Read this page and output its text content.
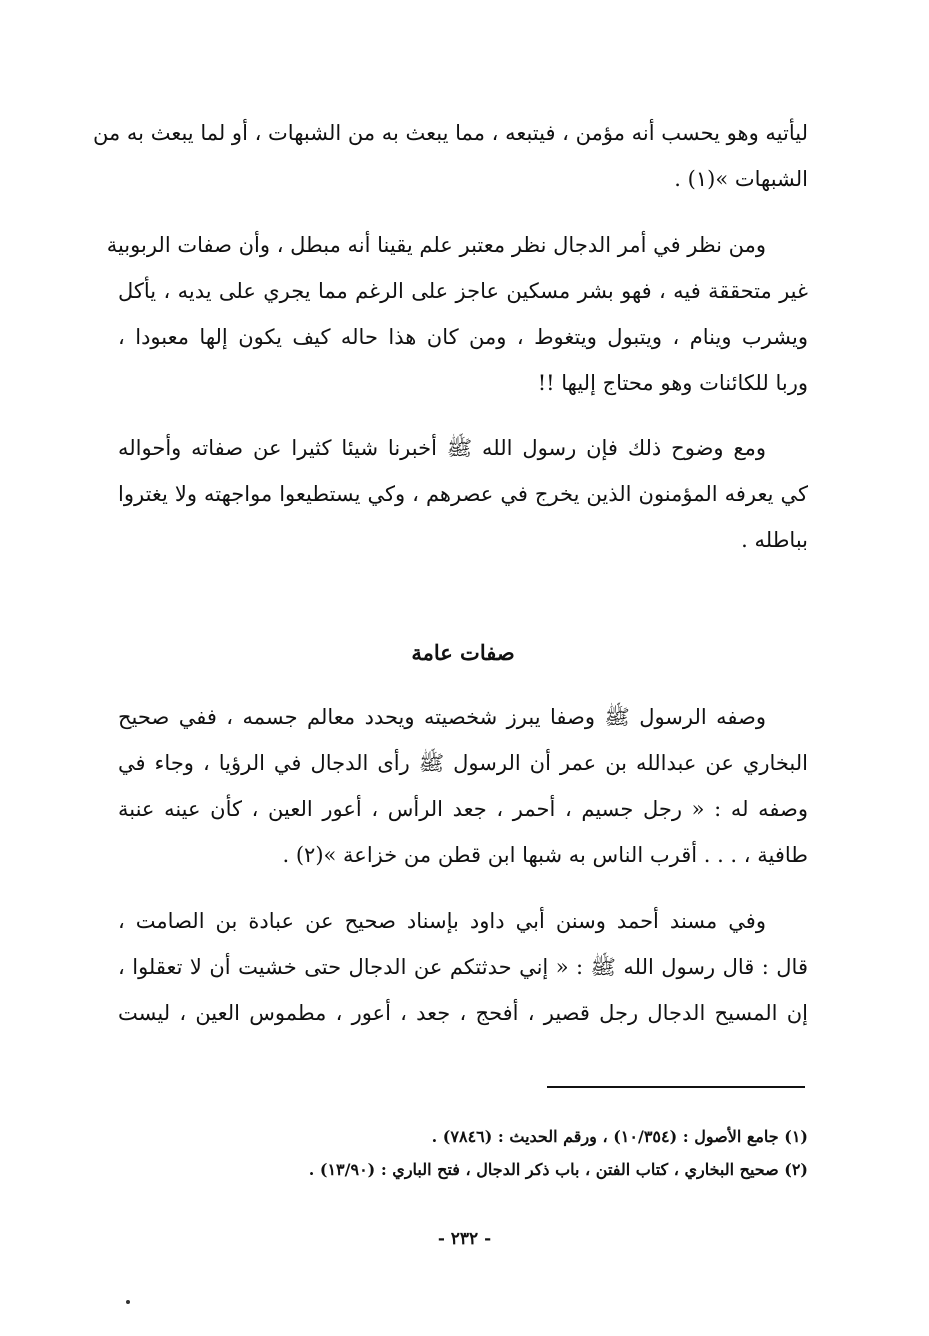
ليأتيه وهو يحسب أنه مؤمن ، فيتبعه ، مما يبعث به من الشبهات ، أو لما يبعث به من
الشبهات »(١) .
ومن نظر في أمر الدجال نظر معتبر علم يقينا أنه مبطل ، وأن صفات الربوبية
غير متحققة فيه ، فهو بشر مسكين عاجز على الرغم مما يجري على يديه ، يأكل
ويشرب وينام ، ويتبول ويتغوط ، ومن كان هذا حاله كيف يكون إلها معبودا ،
وربا للكائنات وهو محتاج إليها !!
ومع وضوح ذلك فإن رسول الله ﷺ أخبرنا شيئا كثيرا عن صفاته وأحواله
كي يعرفه المؤمنون الذين يخرج في عصرهم ، وكي يستطيعوا مواجهته ولا يغتروا
بباطله .
صفات عامة
وصفه الرسول ﷺ وصفا يبرز شخصيته ويحدد معالم جسمه ، ففي صحيح
البخاري عن عبدالله بن عمر أن الرسول ﷺ رأى الدجال في الرؤيا ، وجاء في
وصفه له : « رجل جسيم ، أحمر ، جعد الرأس ، أعور العين ، كأن عينه عنبة
طافية ، . . . أقرب الناس به شبها ابن قطن من خزاعة »(٢) .
وفي مسند أحمد وسنن أبي داود بإسناد صحيح عن عبادة بن الصامت ،
قال : قال رسول الله ﷺ : « إني حدثتكم عن الدجال حتى خشيت أن لا تعقلوا ،
إن المسيح الدجال رجل قصير ، أفحج ، جعد ، أعور ، مطموس العين ، ليست
(١) جامع الأصول : (١٠/٣٥٤) ، ورقم الحديث : (٧٨٤٦) .
(٢) صحيح البخاري ، كتاب الفتن ، باب ذكر الدجال ، فتح الباري : (١٣/٩٠) .
- ٢٣٢ -
